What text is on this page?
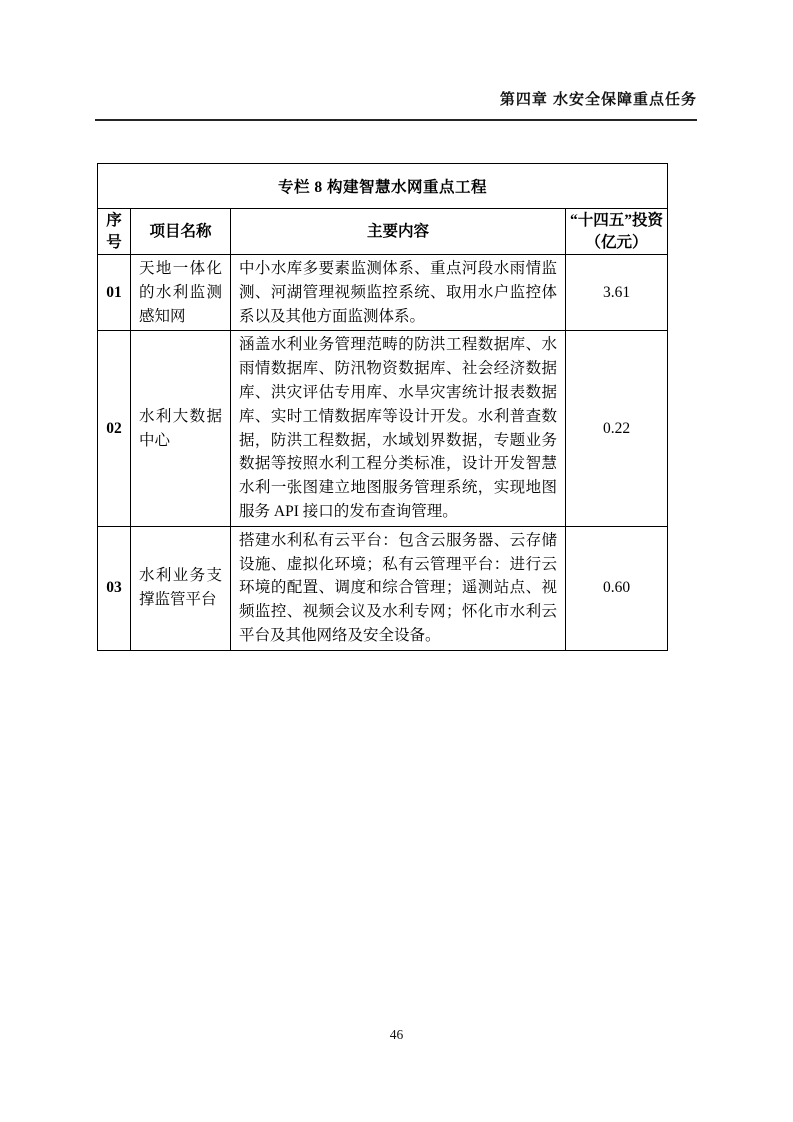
第四章 水安全保障重点任务
专栏 8 构建智慧水网重点工程			
序号	项目名称	主要内容	“十四五”投资（亿元）
01	天地一体化的水利监测感知网	中小水库多要素监测体系、重点河段水雨情监测、河湖管理视频监控系统、取用水户监控体系以及其他方面监测体系。	3.61
02	水利大数据中心	涵盖水利业务管理范畴的防洪工程数据库、水雨情数据库、防汛物资数据库、社会经济数据库、洪灾评估专用库、水旱灾害统计报表数据库、实时工情数据库等设计开发。水利普查数据，防洪工程数据，水域划界数据，专题业务数据等按照水利工程分类标准，设计开发智慧水利一张图建立地图服务管理系统，实现地图服务 API 接口的发布查询管理。	0.22
03	水利业务支撑监管平台	搭建水利私有云平台：包含云服务器、云存储设施、虚拟化环境；私有云管理平台：进行云环境的配置、调度和综合管理；遥测站点、视频监控、视频会议及水利专网；怀化市水利云平台及其他网络及安全设备。	0.60
46
